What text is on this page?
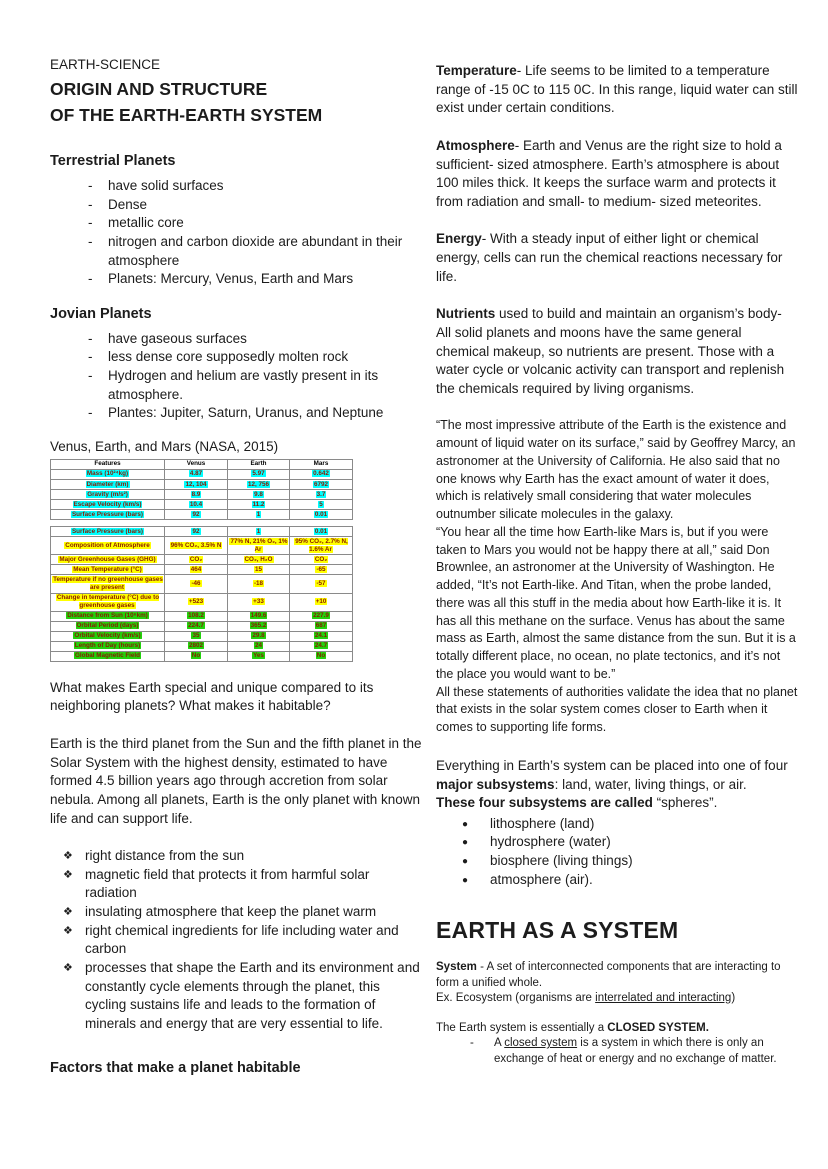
EARTH-SCIENCE
ORIGIN AND STRUCTURE
OF THE EARTH-EARTH SYSTEM
Terrestrial Planets
-	have solid surfaces
-	Dense
-	metallic core
-	nitrogen and carbon dioxide are abundant in their atmosphere
-	Planets: Mercury, Venus, Earth and Mars
Jovian Planets
-	have gaseous surfaces
-	less dense core supposedly molten rock
-	Hydrogen and helium are vastly present in its atmosphere.
-	Plantes: Jupiter, Saturn, Uranus, and Neptune

Venus, Earth, and Mars (NASA, 2015)

Features	Venus	Earth	Mars
Mass (10²⁴kg)	4.87	5.97	0.642
Diameter (km)	12, 104	12, 756	6792
Gravity (m/s²)	8.9	9.8	3.7
Escape Velocity (km/s)	10.4	11.2	5
Surface Pressure (bars)	92	1	0.01
Surface Pressure (bars)	92	1	0.01
Composition of Atmosphere	96% CO₂, 3.5% N	77% N, 21% O₂, 1% Ar	95% CO₂, 2.7% N, 1.6% Ar
Major Greenhouse Gases (GHG)	CO₂	CO₂, H₂O	CO₂
Mean Temperature (°C)	464	15	-65
Temperature if no greenhouse gases are present	-46	-18	-57
Change in temperature (°C) due to greenhouse gases	+523	+33	+10
Distance from Sun (10⁶km)	108.2	149.6	227.9
Orbital Period (days)	224.7	365.2	687
Orbital Velocity (km/s)	35	29.8	24.1
Length of Day (hours)	2802	24	24.7
Global Magnetic Field	No	Yes	No

What makes Earth special and unique compared to its neighboring planets? What makes it habitable?

Earth is the third planet from the Sun and the fifth planet in the Solar System with the highest density, estimated to have formed 4.5 billion years ago through accretion from solar nebula. Among all planets, Earth is the only planet with known life and can support life.

❖ right distance from the sun
❖ magnetic field that protects it from harmful solar radiation
❖ insulating atmosphere that keep the planet warm
❖ right chemical ingredients for life including water and carbon
❖ processes that shape the Earth and its environment and constantly cycle elements through the planet, this cycling sustains life and leads to the formation of minerals and energy that are very essential to life.
Factors that make a planet habitable

Temperature- Life seems to be limited to a temperature range of -15 0C to 115 0C. In this range, liquid water can still exist under certain conditions.

Atmosphere- Earth and Venus are the right size to hold a sufficient- sized atmosphere. Earth’s atmosphere is about 100 miles thick. It keeps the surface warm and protects it from radiation and small- to medium- sized meteorites.

Energy- With a steady input of either light or chemical energy, cells can run the chemical reactions necessary for life.

Nutrients used to build and maintain an organism’s body- All solid planets and moons have the same general chemical makeup, so nutrients are present. Those with a water cycle or volcanic activity can transport and replenish the chemicals required by living organisms.

“The most impressive attribute of the Earth is the existence and amount of liquid water on its surface,” said by Geoffrey Marcy, an astronomer at the University of California. He also said that no one knows why Earth has the exact amount of water it does, which is relatively small considering that water molecules outnumber silicate molecules in the galaxy.

“You hear all the time how Earth-like Mars is, but if you were taken to Mars you would not be happy there at all,” said Don Brownlee, an astronomer at the University of Washington. He added, “It’s not Earth-like. And Titan, when the probe landed, there was all this stuff in the media about how Earth-like it is. It has all this methane on the surface. Venus has about the same mass as Earth, almost the same distance from the sun. But it is a totally different place, no ocean, no plate tectonics, and it’s not the place you would want to be.”

All these statements of authorities validate the idea that no planet that exists in the solar system comes closer to Earth when it comes to supporting life forms.

Everything in Earth’s system can be placed into one of four major subsystems: land, water, living things, or air.

These four subsystems are called “spheres”.

●	lithosphere (land)
●	hydrosphere (water)
●	biosphere (living things)
●	atmosphere (air).
EARTH AS A SYSTEM

System - A set of interconnected components that are interacting to form a unified whole.

Ex. Ecosystem (organisms are interrelated and interacting)

The Earth system is essentially a CLOSED SYSTEM.

-	A closed system is a system in which there is only an exchange of heat or energy and no exchange of matter.
